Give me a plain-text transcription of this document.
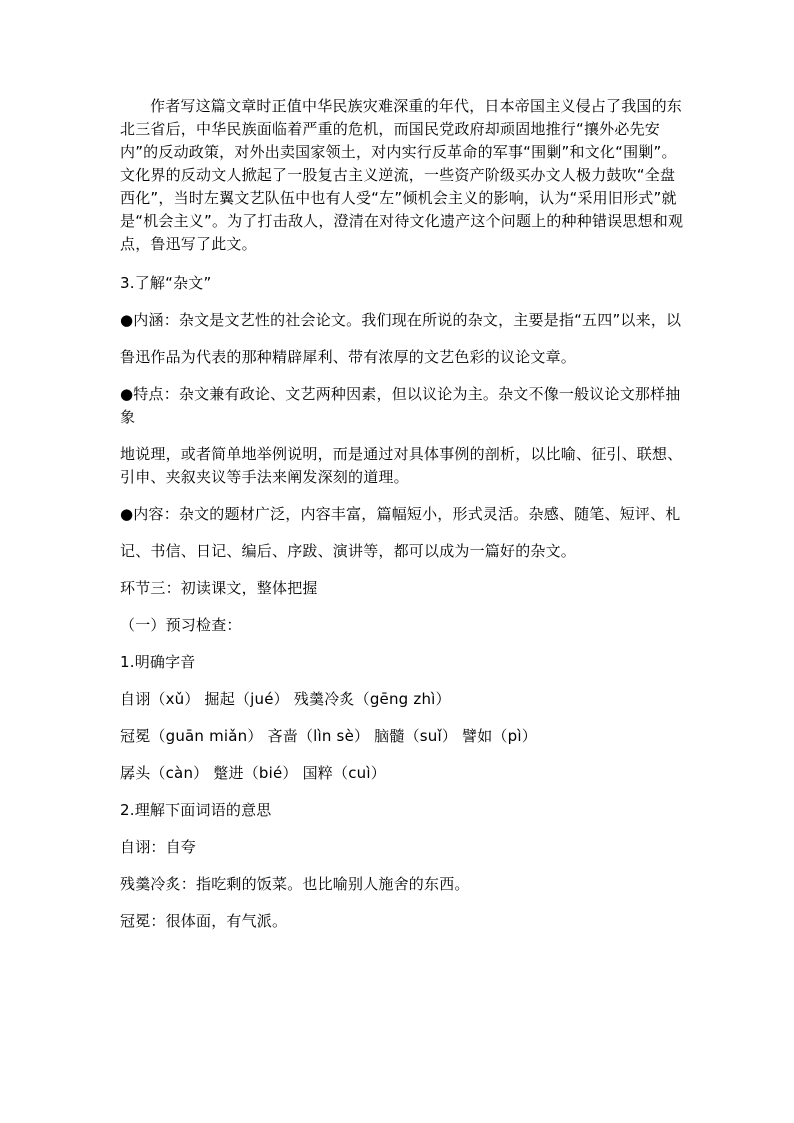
作者写这篇文章时正值中华民族灾难深重的年代，日本帝国主义侵占了我国的东北三省后，中华民族面临着严重的危机，而国民党政府却顽固地推行“攘外必先安内”的反动政策，对外出卖国家领土，对内实行反革命的军事“围剿”和文化“围剿”。文化界的反动文人掀起了一股复古主义逆流，一些资产阶级买办文人极力鼓吹“全盘西化”，当时左翼文艺队伍中也有人受“左”倾机会主义的影响，认为“采用旧形式”就是“机会主义”。为了打击敌人，澄清在对待文化遗产这个问题上的种种错误思想和观点，鲁迅写了此文。

3.了解“杂文”

●内涵：杂文是文艺性的社会论文。我们现在所说的杂文，主要是指“五四”以来，以

鲁迅作品为代表的那种精辟犀利、带有浓厚的文艺色彩的议论文章。

●特点：杂文兼有政论、文艺两种因素，但以议论为主。杂文不像一般议论文那样抽象

地说理，或者简单地举例说明，而是通过对具体事例的剖析，以比喻、征引、联想、引申、夹叙夹议等手法来阐发深刻的道理。

●内容：杂文的题材广泛，内容丰富，篇幅短小，形式灵活。杂感、随笔、短评、札

记、书信、日记、编后、序跋、演讲等，都可以成为一篇好的杂文。

环节三：初读课文，整体把握

（一）预习检查：

1.明确字音

自诩（xǔ） 掘起（jué） 残羹冷炙（gēng zhì）

冠冕（guān miǎn） 吝啬（lìn sè） 脑髓（suǐ） 譬如（pì）

孱头（càn） 蹩进（bié） 国粹（cuì）

2.理解下面词语的意思

自诩：自夸

残羹冷炙：指吃剩的饭菜。也比喻别人施舍的东西。

冠冕：很体面，有气派。
